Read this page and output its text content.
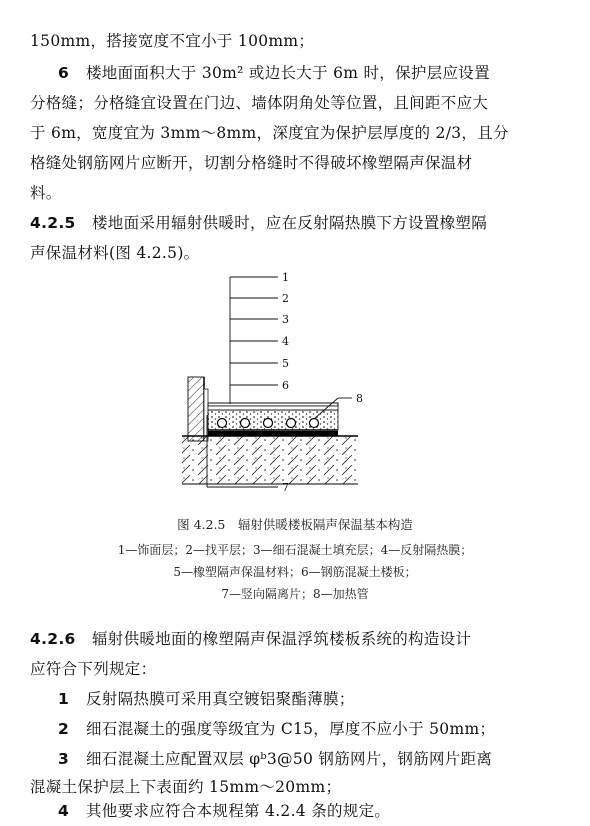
150mm，搭接宽度不宜小于 100mm；
6	楼地面面积大于 30m² 或边长大于 6m 时，保护层应设置
分格缝；分格缝宜设置在门边、墙体阴角处等位置，且间距不应大
于 6m，宽度宜为 3mm～8mm，深度宜为保护层厚度的 2/3，且分
格缝处钢筋网片应断开，切割分格缝时不得破坏橡塑隔声保温材
料。
4.2.5	楼地面采用辐射供暖时，应在反射隔热膜下方设置橡塑隔
声保温材料(图 4.2.5)。
1
2
3
4
5
6
7
8
图 4.2.5　辐射供暖楼板隔声保温基本构造
1—饰面层；2—找平层；3—细石混凝土填充层；4—反射隔热膜；
5—橡塑隔声保温材料；6—钢筋混凝土楼板；
7—竖向隔离片；8—加热管
4.2.6	辐射供暖地面的橡塑隔声保温浮筑楼板系统的构造设计
应符合下列规定：
1	反射隔热膜可采用真空镀铝聚酯薄膜；
2	细石混凝土的强度等级宜为 C15，厚度不应小于 50mm；
3	细石混凝土应配置双层 φᵇ3@50 钢筋网片，钢筋网片距离
混凝土保护层上下表面约 15mm～20mm；
4	其他要求应符合本规程第 4.2.4 条的规定。
